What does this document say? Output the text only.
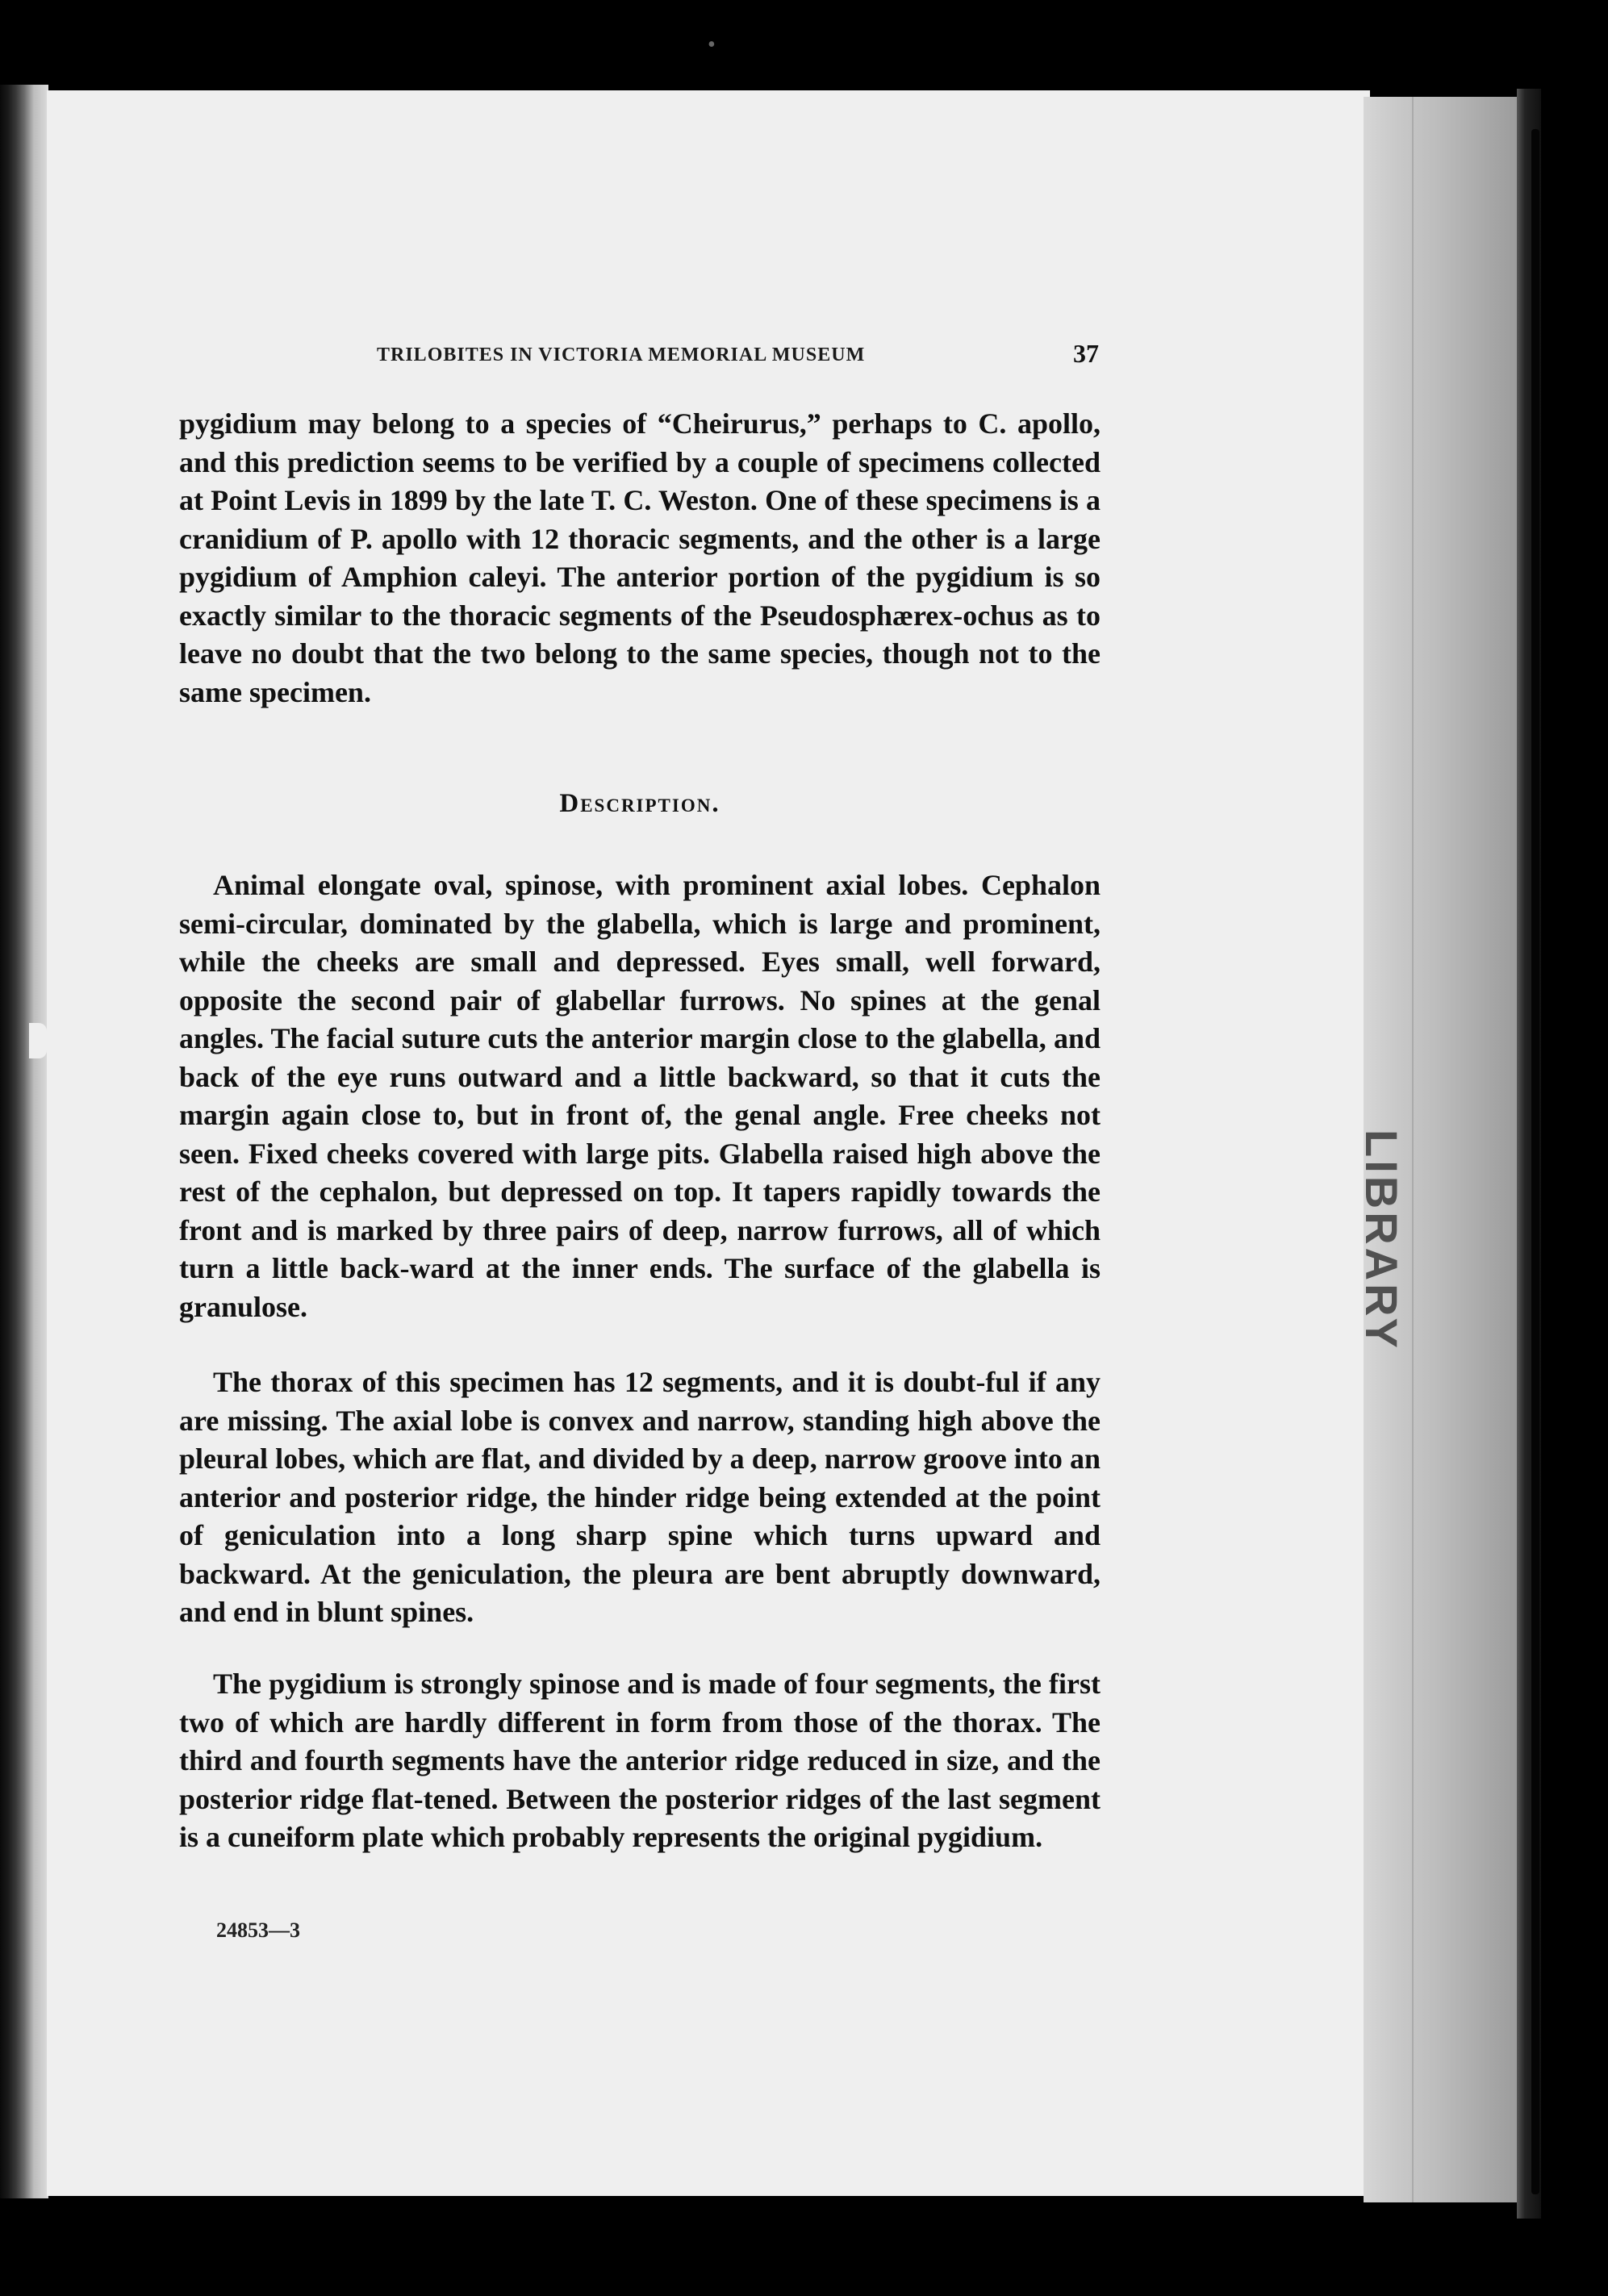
•
LIBRARY
TRILOBITES IN VICTORIA MEMORIAL MUSEUM	37

pygidium may belong to a species of “Cheirurus,” perhaps to C. apollo, and this prediction seems to be verified by a couple of specimens collected at Point Levis in 1899 by the late T. C. Weston. One of these specimens is a cranidium of P. apollo with 12 thoracic segments, and the other is a large pygidium of Amphion caleyi. The anterior portion of the pygidium is so exactly similar to the thoracic segments of the Pseudosphærex-ochus as to leave no doubt that the two belong to the same species, though not to the same specimen.

Description.

Animal elongate oval, spinose, with prominent axial lobes. Cephalon semi-circular, dominated by the glabella, which is large and prominent, while the cheeks are small and depressed. Eyes small, well forward, opposite the second pair of glabellar furrows. No spines at the genal angles. The facial suture cuts the anterior margin close to the glabella, and back of the eye runs outward and a little backward, so that it cuts the margin again close to, but in front of, the genal angle. Free cheeks not seen. Fixed cheeks covered with large pits. Glabella raised high above the rest of the cephalon, but depressed on top. It tapers rapidly towards the front and is marked by three pairs of deep, narrow furrows, all of which turn a little back-ward at the inner ends. The surface of the glabella is granulose.

The thorax of this specimen has 12 segments, and it is doubt-ful if any are missing. The axial lobe is convex and narrow, standing high above the pleural lobes, which are flat, and divided by a deep, narrow groove into an anterior and posterior ridge, the hinder ridge being extended at the point of geniculation into a long sharp spine which turns upward and backward. At the geniculation, the pleura are bent abruptly downward, and end in blunt spines.

The pygidium is strongly spinose and is made of four segments, the first two of which are hardly different in form from those of the thorax. The third and fourth segments have the anterior ridge reduced in size, and the posterior ridge flat-tened. Between the posterior ridges of the last segment is a cuneiform plate which probably represents the original pygidium.

24853—3
